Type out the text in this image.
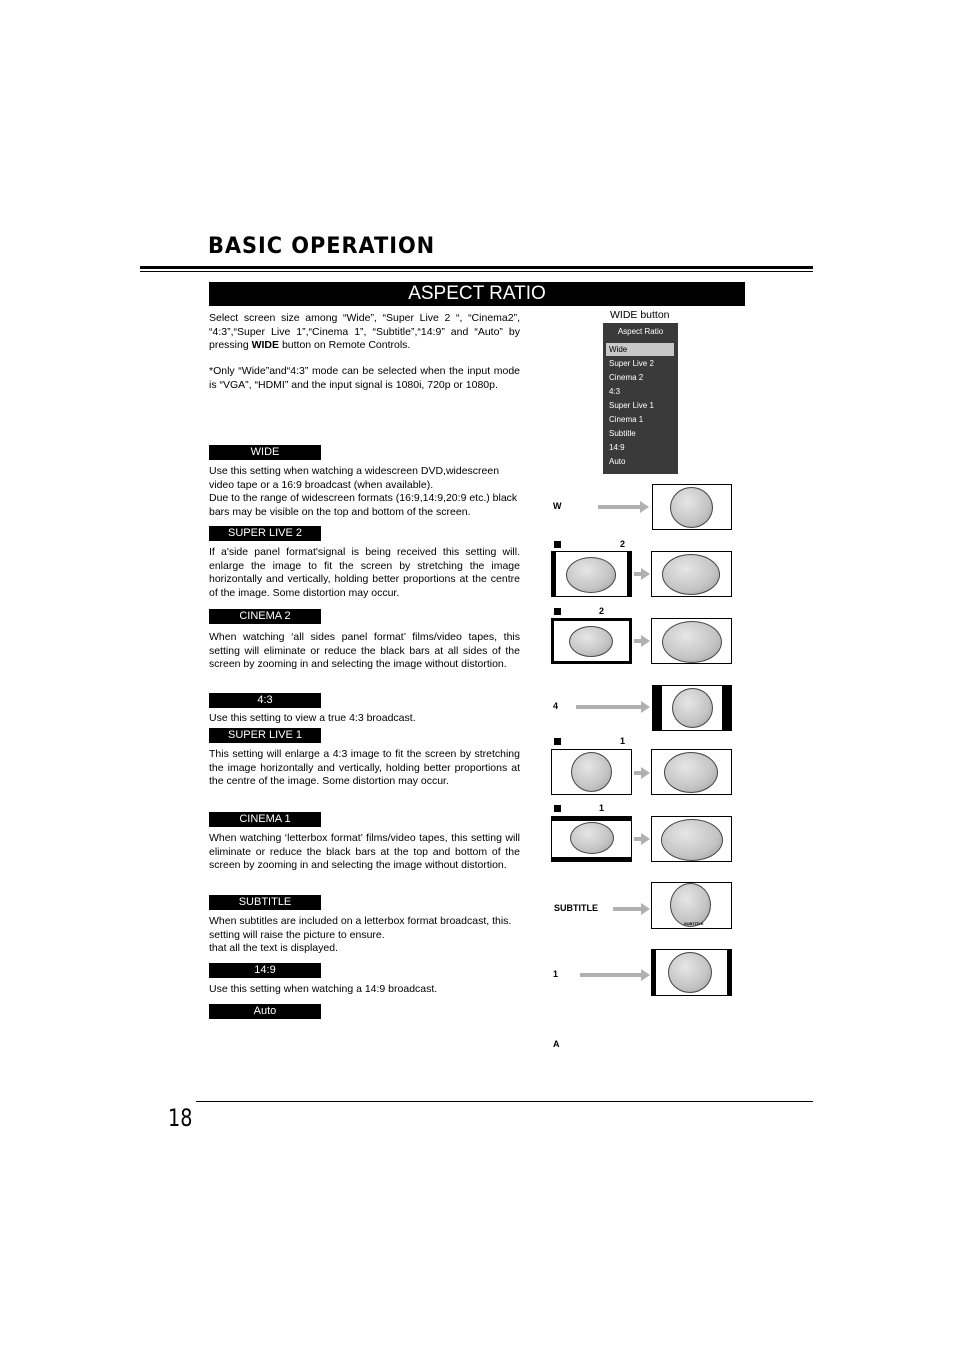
BASIC OPERATION
ASPECT RATIO
Select screen size among “Wide”, “Super Live 2 “, “Cinema2”, “4:3”,“Super Live 1”,“Cinema 1”, “Subtitle”,“14:9” and “Auto” by pressing WIDE button on Remote Controls.
*Only “Wide”and“4:3” mode can be selected when the input mode is “VGA”, “HDMI” and the input signal is 1080i, 720p or 1080p.
WIDE button
Aspect Ratio
Wide
Super Live 2
Cinema 2
4:3
Super Live 1
Cinema 1
Subtitle
14:9
Auto
WIDE
Use this setting when watching a widescreen DVD,widescreen video tape or a 16:9 broadcast (when available).
Due to the range of widescreen formats (16:9,14:9,20:9 etc.) black bars may be visible on the top and bottom of the screen.
SUPER LIVE 2
If a'side panel format'signal is being received this setting will. enlarge the image to fit the screen by stretching the image horizontally and vertically, holding better proportions at the centre of the image. Some distortion may occur.
CINEMA 2
When watching ‘all sides panel format’ films/video tapes, this setting will eliminate or reduce the black bars at all sides of the screen by zooming in and selecting the image without distortion.
4:3
Use this setting to view a true 4:3 broadcast.
SUPER LIVE 1
This setting will enlarge a 4:3 image to fit the screen by stretching the image horizontally and vertically, holding better proportions at the centre of the image. Some distortion may occur.
CINEMA 1
When watching ‘letterbox format’ films/video tapes, this setting will eliminate or reduce the black bars at the top and bottom of the screen by zooming in and selecting the image without distortion.
SUBTITLE
When subtitles are included on a letterbox format broadcast, this. setting will raise the picture to ensure.
that all the text is displayed.
14:9
Use this setting when watching a 14:9 broadcast.
Auto
W
2
2
4
1
1
SUBTITLE
SUBTITLE
1
A
18
